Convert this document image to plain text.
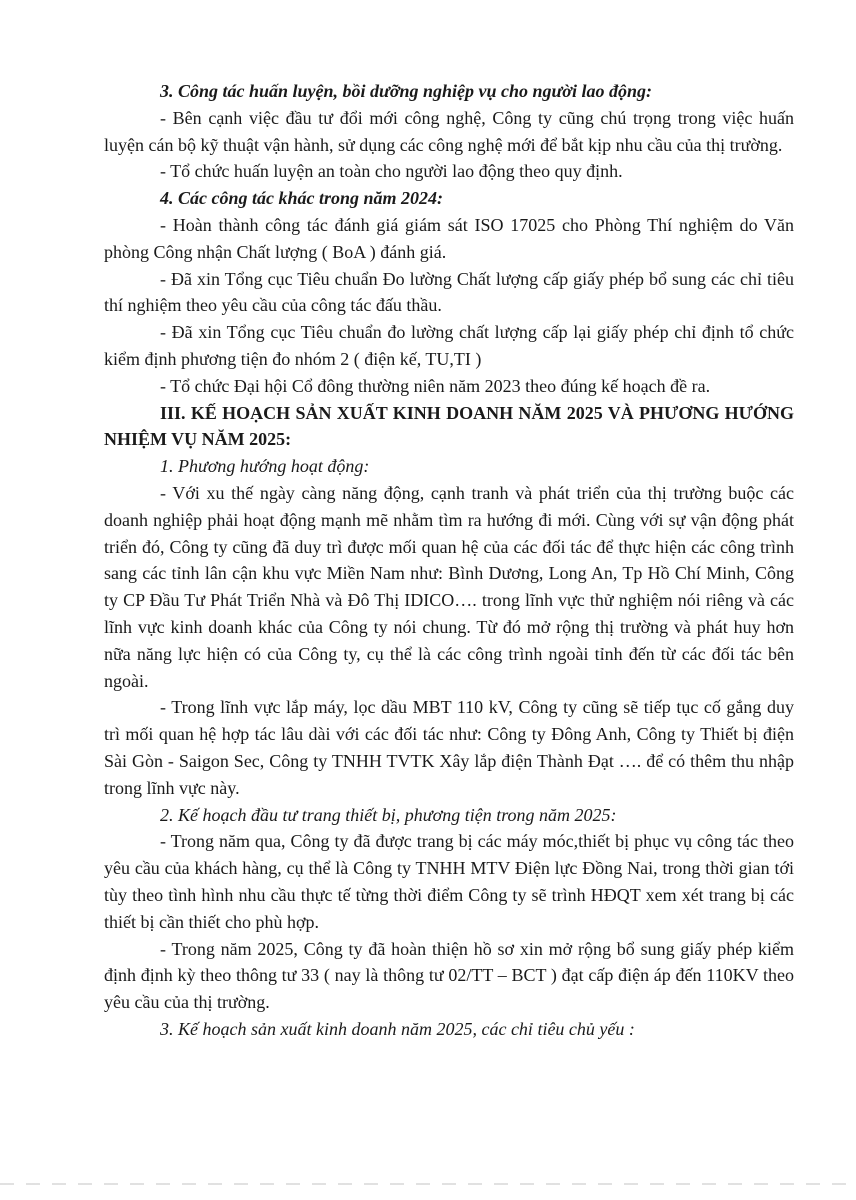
3. Công tác huấn luyện, bồi dưỡng nghiệp vụ cho người lao động:

- Bên cạnh việc đầu tư đổi mới công nghệ, Công ty cũng chú trọng trong việc huấn luyện cán bộ kỹ thuật vận hành, sử dụng các công nghệ mới để bắt kịp nhu cầu của thị trường.

- Tổ chức huấn luyện an toàn cho người lao động theo quy định.

4. Các công tác khác trong năm 2024:

- Hoàn thành công tác đánh giá giám sát ISO 17025 cho Phòng Thí nghiệm do Văn phòng Công nhận Chất lượng ( BoA ) đánh giá.

- Đã xin Tổng cục Tiêu chuẩn Đo lường Chất lượng cấp giấy phép bổ sung các chỉ tiêu thí nghiệm theo yêu cầu của công tác đấu thầu.

- Đã xin Tổng cục Tiêu chuẩn đo lường chất lượng cấp lại giấy phép chỉ định tổ chức kiểm định phương tiện đo nhóm 2 ( điện kế, TU,TI )

- Tổ chức Đại hội Cổ đông thường niên năm 2023 theo đúng kế hoạch đề ra.

III. KẾ HOẠCH SẢN XUẤT KINH DOANH NĂM 2025 VÀ PHƯƠNG HƯỚNG NHIỆM VỤ NĂM 2025:

1. Phương hướng hoạt động:

- Với xu thế ngày càng năng động, cạnh tranh và phát triển của thị trường buộc các doanh nghiệp phải hoạt động mạnh mẽ nhằm tìm ra hướng đi mới. Cùng với sự vận động phát triển đó, Công ty cũng đã duy trì được mối quan hệ của các đối tác để thực hiện các công trình sang các tỉnh lân cận khu vực Miền Nam như: Bình Dương, Long An, Tp Hồ Chí Minh, Công ty CP Đầu Tư Phát Triển Nhà và Đô Thị IDICO…. trong lĩnh vực thử nghiệm nói riêng và các lĩnh vực kinh doanh khác của Công ty nói chung. Từ đó mở rộng thị trường và phát huy hơn nữa năng lực hiện có của Công ty, cụ thể là các công trình ngoài tỉnh đến từ các đối tác bên ngoài.

- Trong lĩnh vực lắp máy, lọc dầu MBT 110 kV, Công ty cũng sẽ tiếp tục cố gắng duy trì mối quan hệ hợp tác lâu dài với các đối tác như: Công ty Đông Anh, Công ty Thiết bị điện Sài Gòn - Saigon Sec, Công ty TNHH TVTK Xây lắp điện Thành Đạt …. để có thêm thu nhập trong lĩnh vực này.

2. Kế hoạch đầu tư trang thiết bị, phương tiện trong năm 2025:

- Trong năm qua, Công ty đã được trang bị các máy móc,thiết bị phục vụ công tác theo yêu cầu của khách hàng, cụ thể là Công ty TNHH MTV Điện lực Đồng Nai, trong thời gian tới tùy theo tình hình nhu cầu thực tế từng thời điểm Công ty sẽ trình HĐQT xem xét trang bị các thiết bị cần thiết cho phù hợp.

- Trong năm 2025, Công ty đã hoàn thiện hồ sơ xin mở rộng bổ sung giấy phép kiểm định định kỳ theo thông tư 33 ( nay là thông tư 02/TT – BCT ) đạt cấp điện áp đến 110KV theo yêu cầu của thị trường.

3. Kế hoạch sản xuất kinh doanh năm 2025, các chỉ tiêu chủ yếu :
